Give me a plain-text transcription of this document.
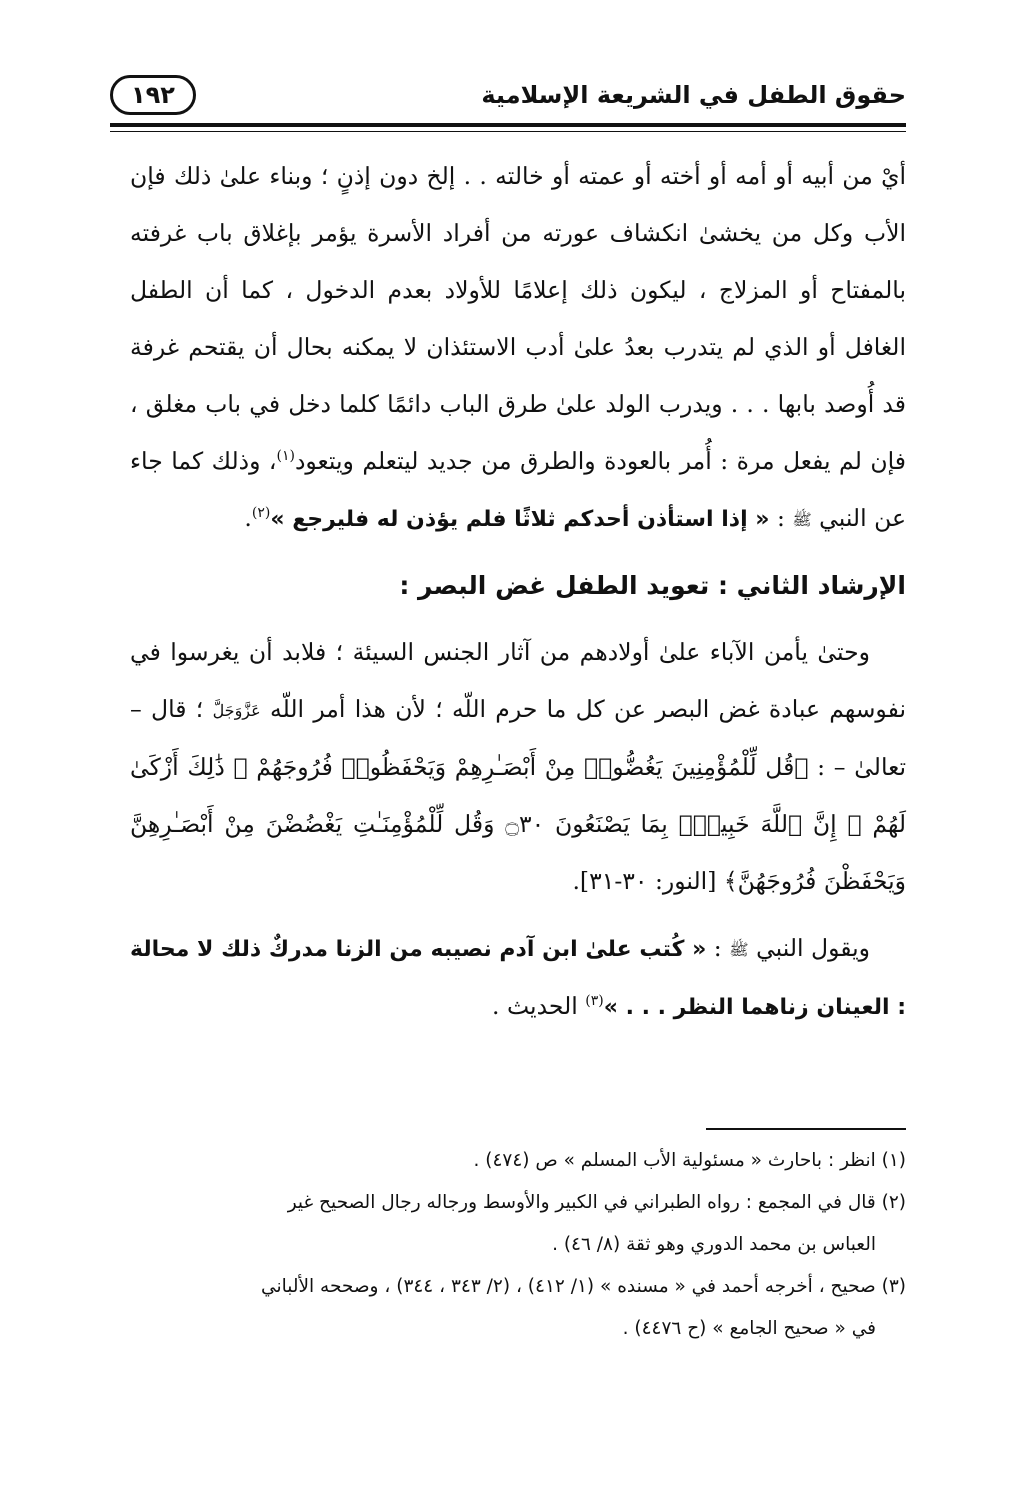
حقوق الطفل في الشريعة الإسلامية
١٩٢

أيْ من أبيه أو أمه أو أخته أو عمته أو خالته . . إلخ دون إذنٍ ؛ وبناء علىٰ ذلك فإن الأب وكل من يخشىٰ انكشاف عورته من أفراد الأسرة يؤمر بإغلاق باب غرفته بالمفتاح أو المزلاج ، ليكون ذلك إعلامًا للأولاد بعدم الدخول ، كما أن الطفل الغافل أو الذي لم يتدرب بعدُ علىٰ أدب الاستئذان لا يمكنه بحال أن يقتحم غرفة قد أُوصد بابها . . . ويدرب الولد علىٰ طرق الباب دائمًا كلما دخل في باب مغلق ، فإن لم يفعل مرة : أُمر بالعودة والطرق من جديد ليتعلم ويتعود$^{(١)}$، وذلك كما جاء عن النبي ﷺ : « إذا استأذن أحدكم ثلاثًا فلم يؤذن له فليرجع »$^{(٢)}$.

الإرشاد الثاني : تعويد الطفل غض البصر :

وحتىٰ يأمن الآباء علىٰ أولادهم من آثار الجنس السيئة ؛ فلابد أن يغرسوا في نفوسهم عبادة غض البصر عن كل ما حرم اللّه ؛ لأن هذا أمر اللّه عَزَّوَجَلَّ ؛ قال – تعالىٰ – : ﴿قُل لِّلْمُؤْمِنِينَ يَغُضُّوا۟ مِنْ أَبْصَـٰرِهِمْ وَيَحْفَظُوا۟ فُرُوجَهُمْ ۚ ذَٰلِكَ أَزْكَىٰ لَهُمْ ۗ إِنَّ ٱللَّهَ خَبِيرٌۢ بِمَا يَصْنَعُونَ ۝٣٠ وَقُل لِّلْمُؤْمِنَـٰتِ يَغْضُضْنَ مِنْ أَبْصَـٰرِهِنَّ وَيَحْفَظْنَ فُرُوجَهُنَّ﴾ [النور: ٣٠-٣١].

ويقول النبي ﷺ : « كُتب علىٰ ابن آدم نصيبه من الزنا مدركٌ ذلك لا محالة : العينان زناهما النظر . . . »$^{(٣)}$ الحديث .

(١) انظر : باحارث « مسئولية الأب المسلم » ص (٤٧٤) .

(٢) قال في المجمع : رواه الطبراني في الكبير والأوسط ورجاله رجال الصحيح غير

العباس بن محمد الدوري وهو ثقة (٨/ ٤٦) .

(٣) صحيح ، أخرجه أحمد في « مسنده » (١/ ٤١٢) ، (٢/ ٣٤٣ ، ٣٤٤) ، وصححه الألباني

في « صحيح الجامع » (ح ٤٤٧٦) .
